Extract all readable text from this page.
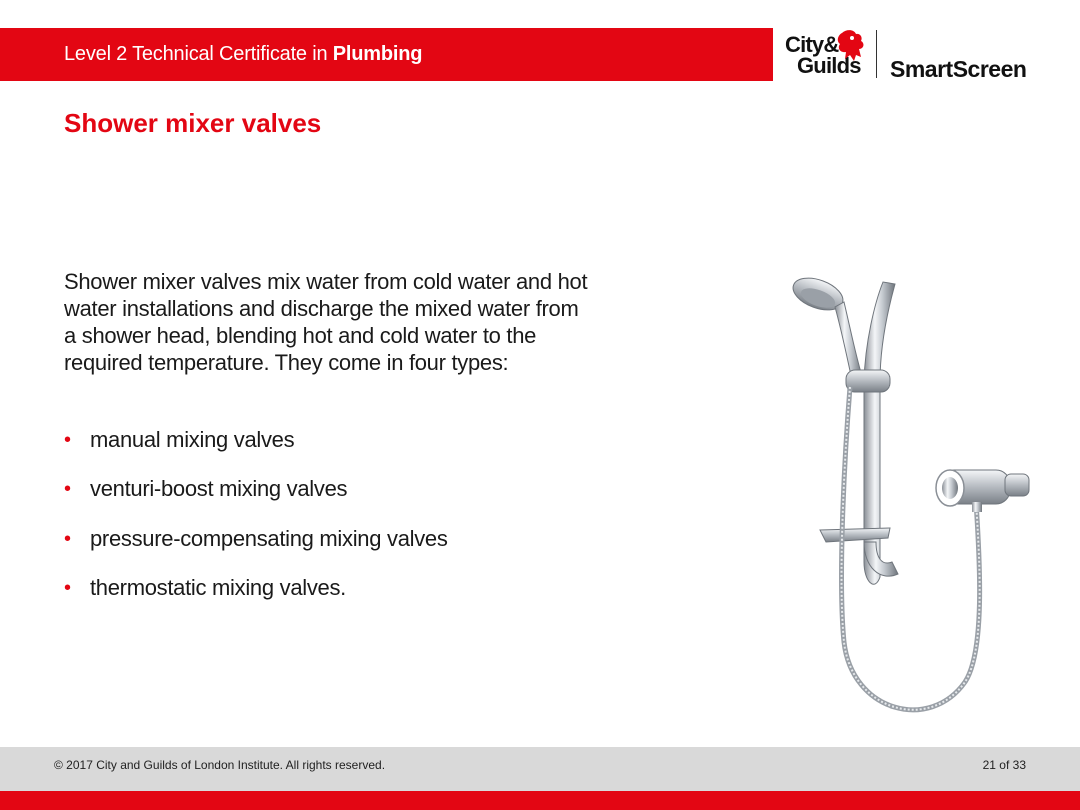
Level 2 Technical Certificate in Plumbing	City&
Guilds SmartScreen
Shower mixer valves
Shower mixer valves mix water from cold water and hot water installations and discharge the mixed water from a shower head, blending hot and cold water to the required temperature. They come in four types:
• manual mixing valves
• venturi-boost mixing valves
• pressure-compensating mixing valves
• thermostatic mixing valves.
© 2017 City and Guilds of London Institute. All rights reserved.	21 of 33
